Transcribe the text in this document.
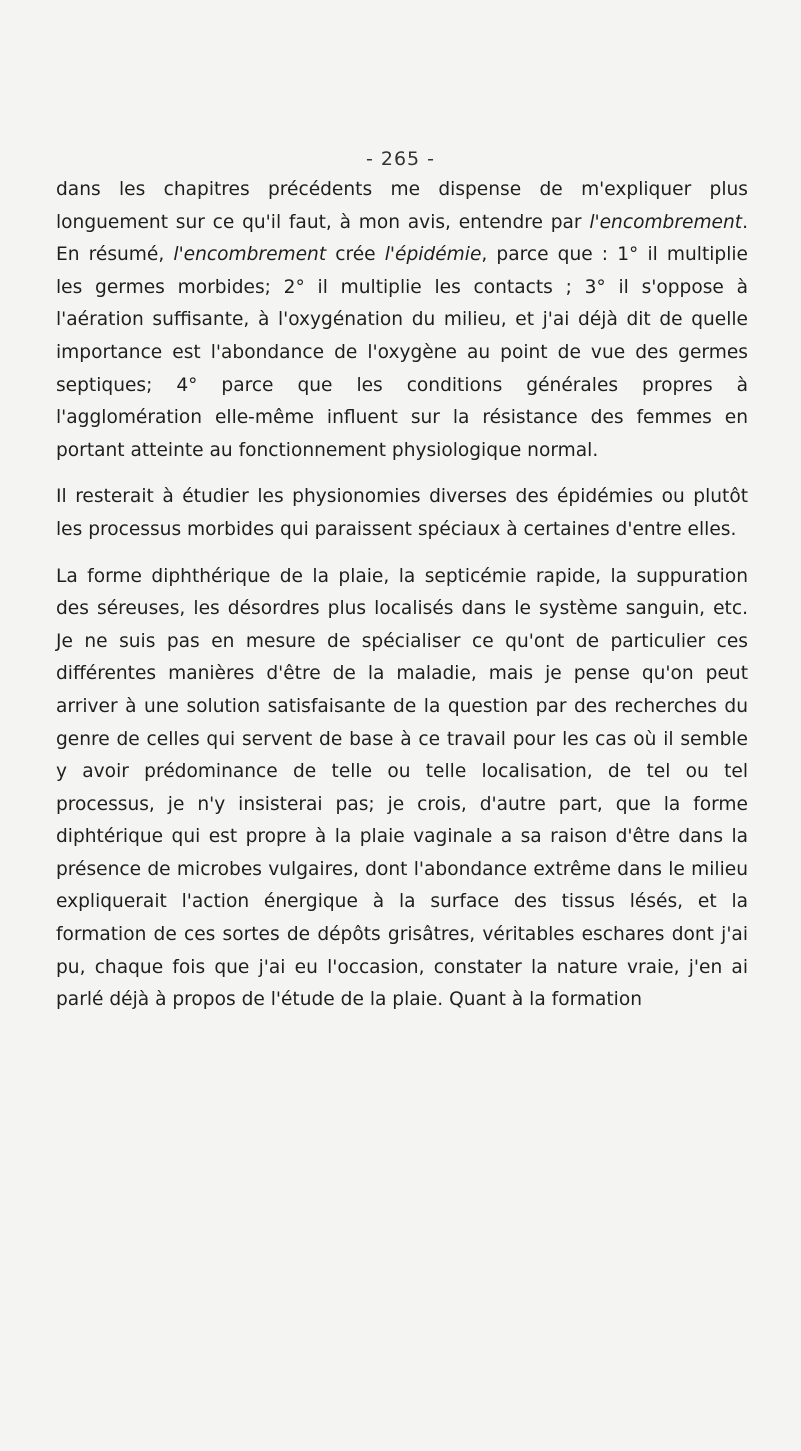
- 265 -

dans les chapitres précédents me dispense de m'expliquer plus longuement sur ce qu'il faut, à mon avis, entendre par l'encombrement. En résumé, l'encombrement crée l'épidémie, parce que : 1° il multiplie les germes morbides; 2° il multiplie les contacts ; 3° il s'oppose à l'aération suffisante, à l'oxygénation du milieu, et j'ai déjà dit de quelle importance est l'abondance de l'oxygène au point de vue des germes septiques; 4° parce que les conditions générales propres à l'agglomération elle-même influent sur la résistance des femmes en portant atteinte au fonctionnement physiologique normal.

Il resterait à étudier les physionomies diverses des épidémies ou plutôt les processus morbides qui paraissent spéciaux à certaines d'entre elles.

La forme diphthérique de la plaie, la septicémie rapide, la suppuration des séreuses, les désordres plus localisés dans le système sanguin, etc. Je ne suis pas en mesure de spécialiser ce qu'ont de particulier ces différentes manières d'être de la maladie, mais je pense qu'on peut arriver à une solution satisfaisante de la question par des recherches du genre de celles qui servent de base à ce travail pour les cas où il semble y avoir prédominance de telle ou telle localisation, de tel ou tel processus, je n'y insisterai pas; je crois, d'autre part, que la forme diphtérique qui est propre à la plaie vaginale a sa raison d'être dans la présence de microbes vulgaires, dont l'abondance extrême dans le milieu expliquerait l'action énergique à la surface des tissus lésés, et la formation de ces sortes de dépôts grisâtres, véritables eschares dont j'ai pu, chaque fois que j'ai eu l'occasion, constater la nature vraie, j'en ai parlé déjà à propos de l'étude de la plaie. Quant à la formation
